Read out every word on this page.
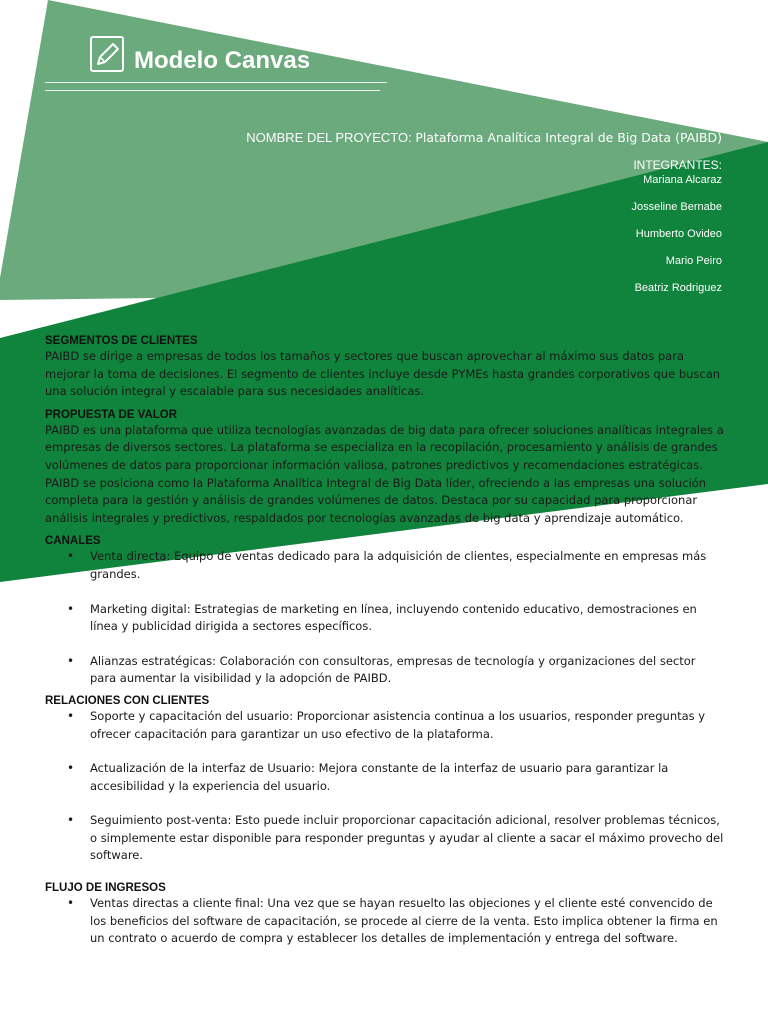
Modelo Canvas
NOMBRE DEL PROYECTO: Plataforma Analítica Integral de Big Data (PAIBD)
INTEGRANTES:
Mariana Alcaraz
Josseline Bernabe
Humberto Ovideo
Mario Peiro
Beatriz Rodriguez
SEGMENTOS DE CLIENTES

PAIBD se dirige a empresas de todos los tamaños y sectores que buscan aprovechar al máximo sus datos para mejorar la toma de decisiones. El segmento de clientes incluye desde PYMEs hasta grandes corporativos que buscan una solución integral y escalable para sus necesidades analíticas.

PROPUESTA DE VALOR

PAIBD es una plataforma que utiliza tecnologías avanzadas de big data para ofrecer soluciones analíticas integrales a empresas de diversos sectores. La plataforma se especializa en la recopilación, procesamiento y análisis de grandes volúmenes de datos para proporcionar información valiosa, patrones predictivos y recomendaciones estratégicas. PAIBD se posiciona como la Plataforma Analítica Integral de Big Data líder, ofreciendo a las empresas una solución completa para la gestión y análisis de grandes volúmenes de datos. Destaca por su capacidad para proporcionar análisis integrales y predictivos, respaldados por tecnologías avanzadas de big data y aprendizaje automático.

CANALES
• Venta directa: Equipo de ventas dedicado para la adquisición de clientes, especialmente en empresas más grandes.
• Marketing digital: Estrategias de marketing en línea, incluyendo contenido educativo, demostraciones en línea y publicidad dirigida a sectores específicos.
• Alianzas estratégicas: Colaboración con consultoras, empresas de tecnología y organizaciones del sector para aumentar la visibilidad y la adopción de PAIBD.
RELACIONES CON CLIENTES
• Soporte y capacitación del usuario: Proporcionar asistencia continua a los usuarios, responder preguntas y ofrecer capacitación para garantizar un uso efectivo de la plataforma.
• Actualización de la interfaz de Usuario: Mejora constante de la interfaz de usuario para garantizar la accesibilidad y la experiencia del usuario.
• Seguimiento post-venta: Esto puede incluir proporcionar capacitación adicional, resolver problemas técnicos, o simplemente estar disponible para responder preguntas y ayudar al cliente a sacar el máximo provecho del software.
FLUJO DE INGRESOS
• Ventas directas a cliente final: Una vez que se hayan resuelto las objeciones y el cliente esté convencido de los beneficios del software de capacitación, se procede al cierre de la venta. Esto implica obtener la firma en un contrato o acuerdo de compra y establecer los detalles de implementación y entrega del software.
